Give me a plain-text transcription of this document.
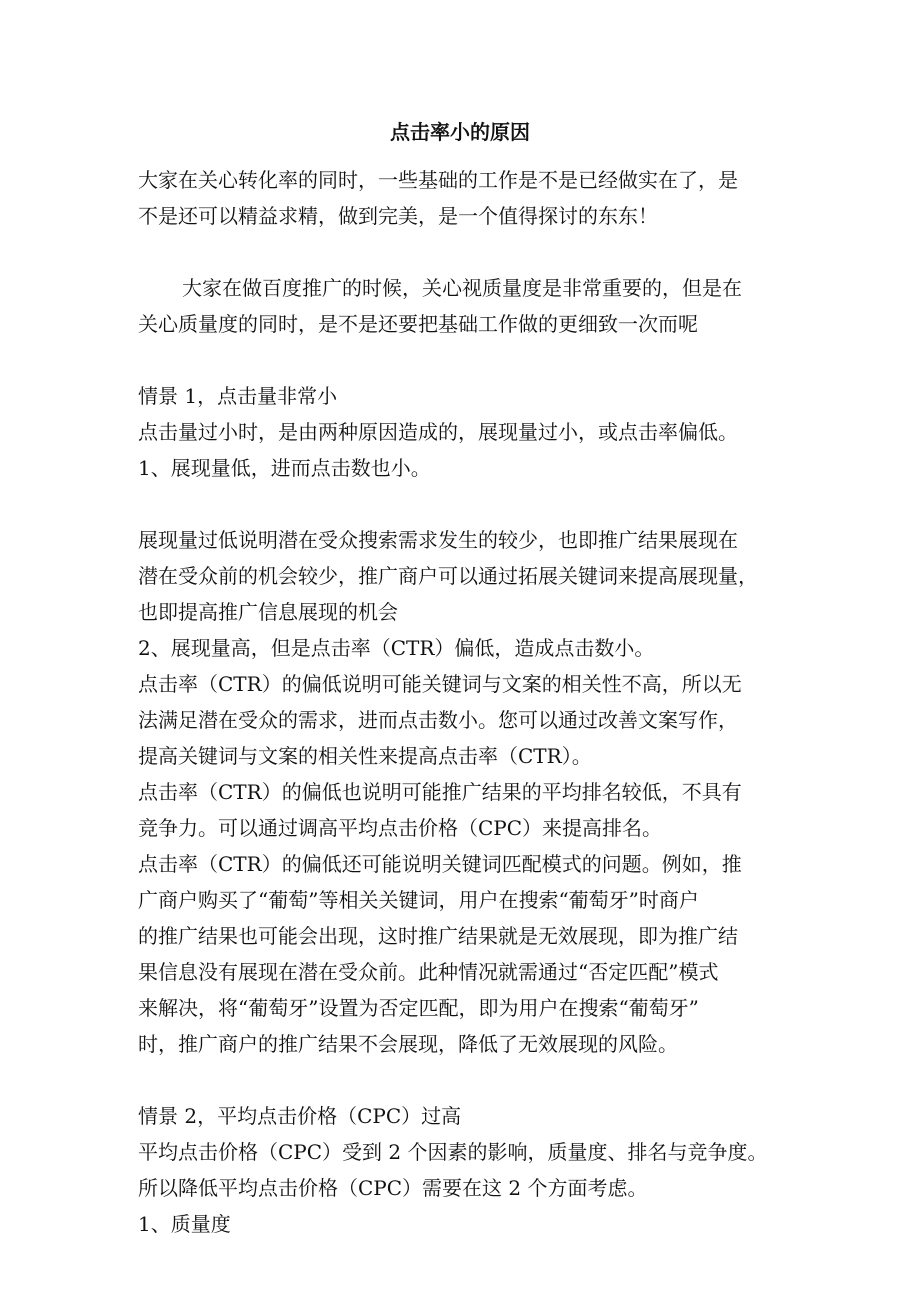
点击率小的原因
大家在关心转化率的同时，一些基础的工作是不是已经做实在了，是
不是还可以精益求精，做到完美，是一个值得探讨的东东！
大家在做百度推广的时候，关心视质量度是非常重要的，但是在
关心质量度的同时，是不是还要把基础工作做的更细致一次而呢
情景 1，点击量非常小
点击量过小时，是由两种原因造成的，展现量过小，或点击率偏低。
1、展现量低，进而点击数也小。
展现量过低说明潜在受众搜索需求发生的较少，也即推广结果展现在
潜在受众前的机会较少，推广商户可以通过拓展关键词来提高展现量，
也即提高推广信息展现的机会
2、展现量高，但是点击率（CTR）偏低，造成点击数小。
点击率（CTR）的偏低说明可能关键词与文案的相关性不高，所以无
法满足潜在受众的需求，进而点击数小。您可以通过改善文案写作，
提高关键词与文案的相关性来提高点击率（CTR）。
点击率（CTR）的偏低也说明可能推广结果的平均排名较低，不具有
竞争力。可以通过调高平均点击价格（CPC）来提高排名。
点击率（CTR）的偏低还可能说明关键词匹配模式的问题。例如，推
广商户购买了“葡萄”等相关关键词，用户在搜索“葡萄牙”时商户
的推广结果也可能会出现，这时推广结果就是无效展现，即为推广结
果信息没有展现在潜在受众前。此种情况就需通过“否定匹配”模式
来解决，将“葡萄牙”设置为否定匹配，即为用户在搜索“葡萄牙”
时，推广商户的推广结果不会展现，降低了无效展现的风险。
情景 2，平均点击价格（CPC）过高
平均点击价格（CPC）受到 2 个因素的影响，质量度、排名与竞争度。
所以降低平均点击价格（CPC）需要在这 2 个方面考虑。
1、质量度
